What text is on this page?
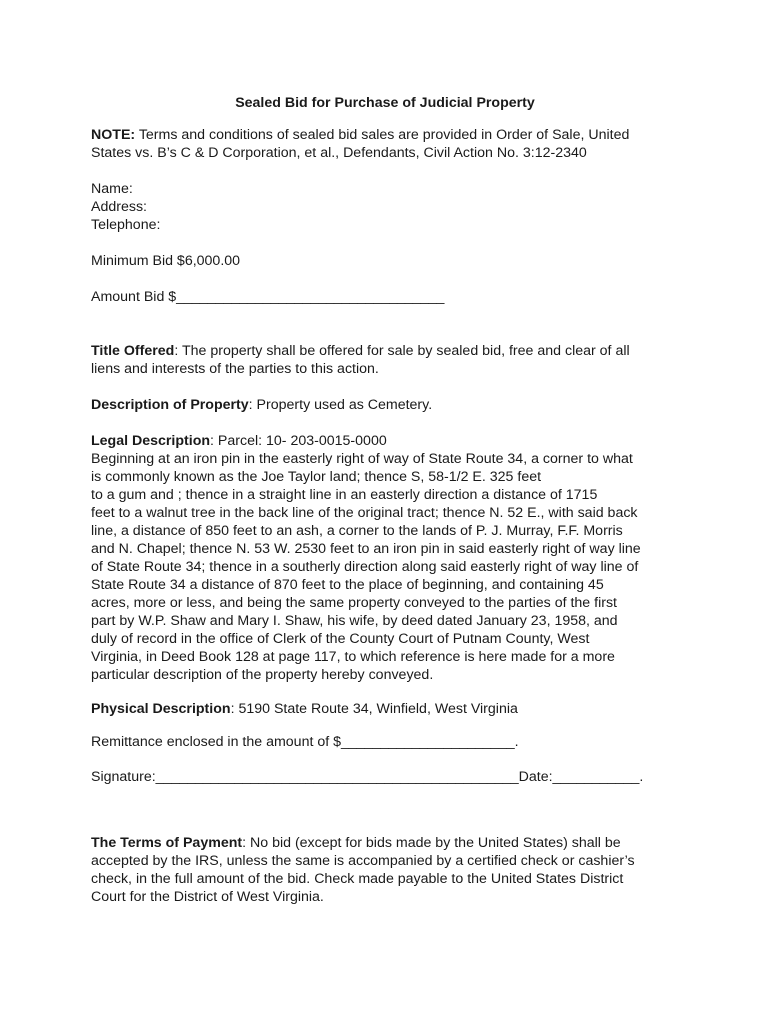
Sealed Bid for Purchase of Judicial Property
NOTE: Terms and conditions of sealed bid sales are provided in Order of Sale, United
States vs. B’s C & D Corporation, et al., Defendants, Civil Action No. 3:12-2340
Name:
Address:
Telephone:
Minimum Bid $6,000.00
Amount Bid $__________________________________
Title Offered: The property shall be offered for sale by sealed bid, free and clear of all
liens and interests of the parties to this action.
Description of Property: Property used as Cemetery.
Legal Description: Parcel: 10- 203-0015-0000
Beginning at an iron pin in the easterly right of way of State Route 34, a corner to what
is commonly known as the Joe Taylor land; thence S, 58-1/2 E. 325 feet
to a gum and ; thence in a straight line in an easterly direction a distance of 1715
feet to a walnut tree in the back line of the original tract; thence N. 52 E., with said back
line, a distance of 850 feet to an ash, a corner to the lands of P. J. Murray, F.F. Morris
and N. Chapel; thence N. 53 W. 2530 feet to an iron pin in said easterly right of way line
of State Route 34; thence in a southerly direction along said easterly right of way line of
State Route 34 a distance of 870 feet to the place of beginning, and containing 45
acres, more or less, and being the same property conveyed to the parties of the first
part by W.P. Shaw and Mary I. Shaw, his wife, by deed dated January 23, 1958, and
duly of record in the office of Clerk of the County Court of Putnam County, West
Virginia, in Deed Book 128 at page 117, to which reference is here made for a more
particular description of the property hereby conveyed.
Physical Description: 5190 State Route 34, Winfield, West Virginia
Remittance enclosed in the amount of $______________________.
Signature:______________________________________________Date:___________.
The Terms of Payment: No bid (except for bids made by the United States) shall be
accepted by the IRS, unless the same is accompanied by a certified check or cashier’s
check, in the full amount of the bid. Check made payable to the United States District
Court for the District of West Virginia.
